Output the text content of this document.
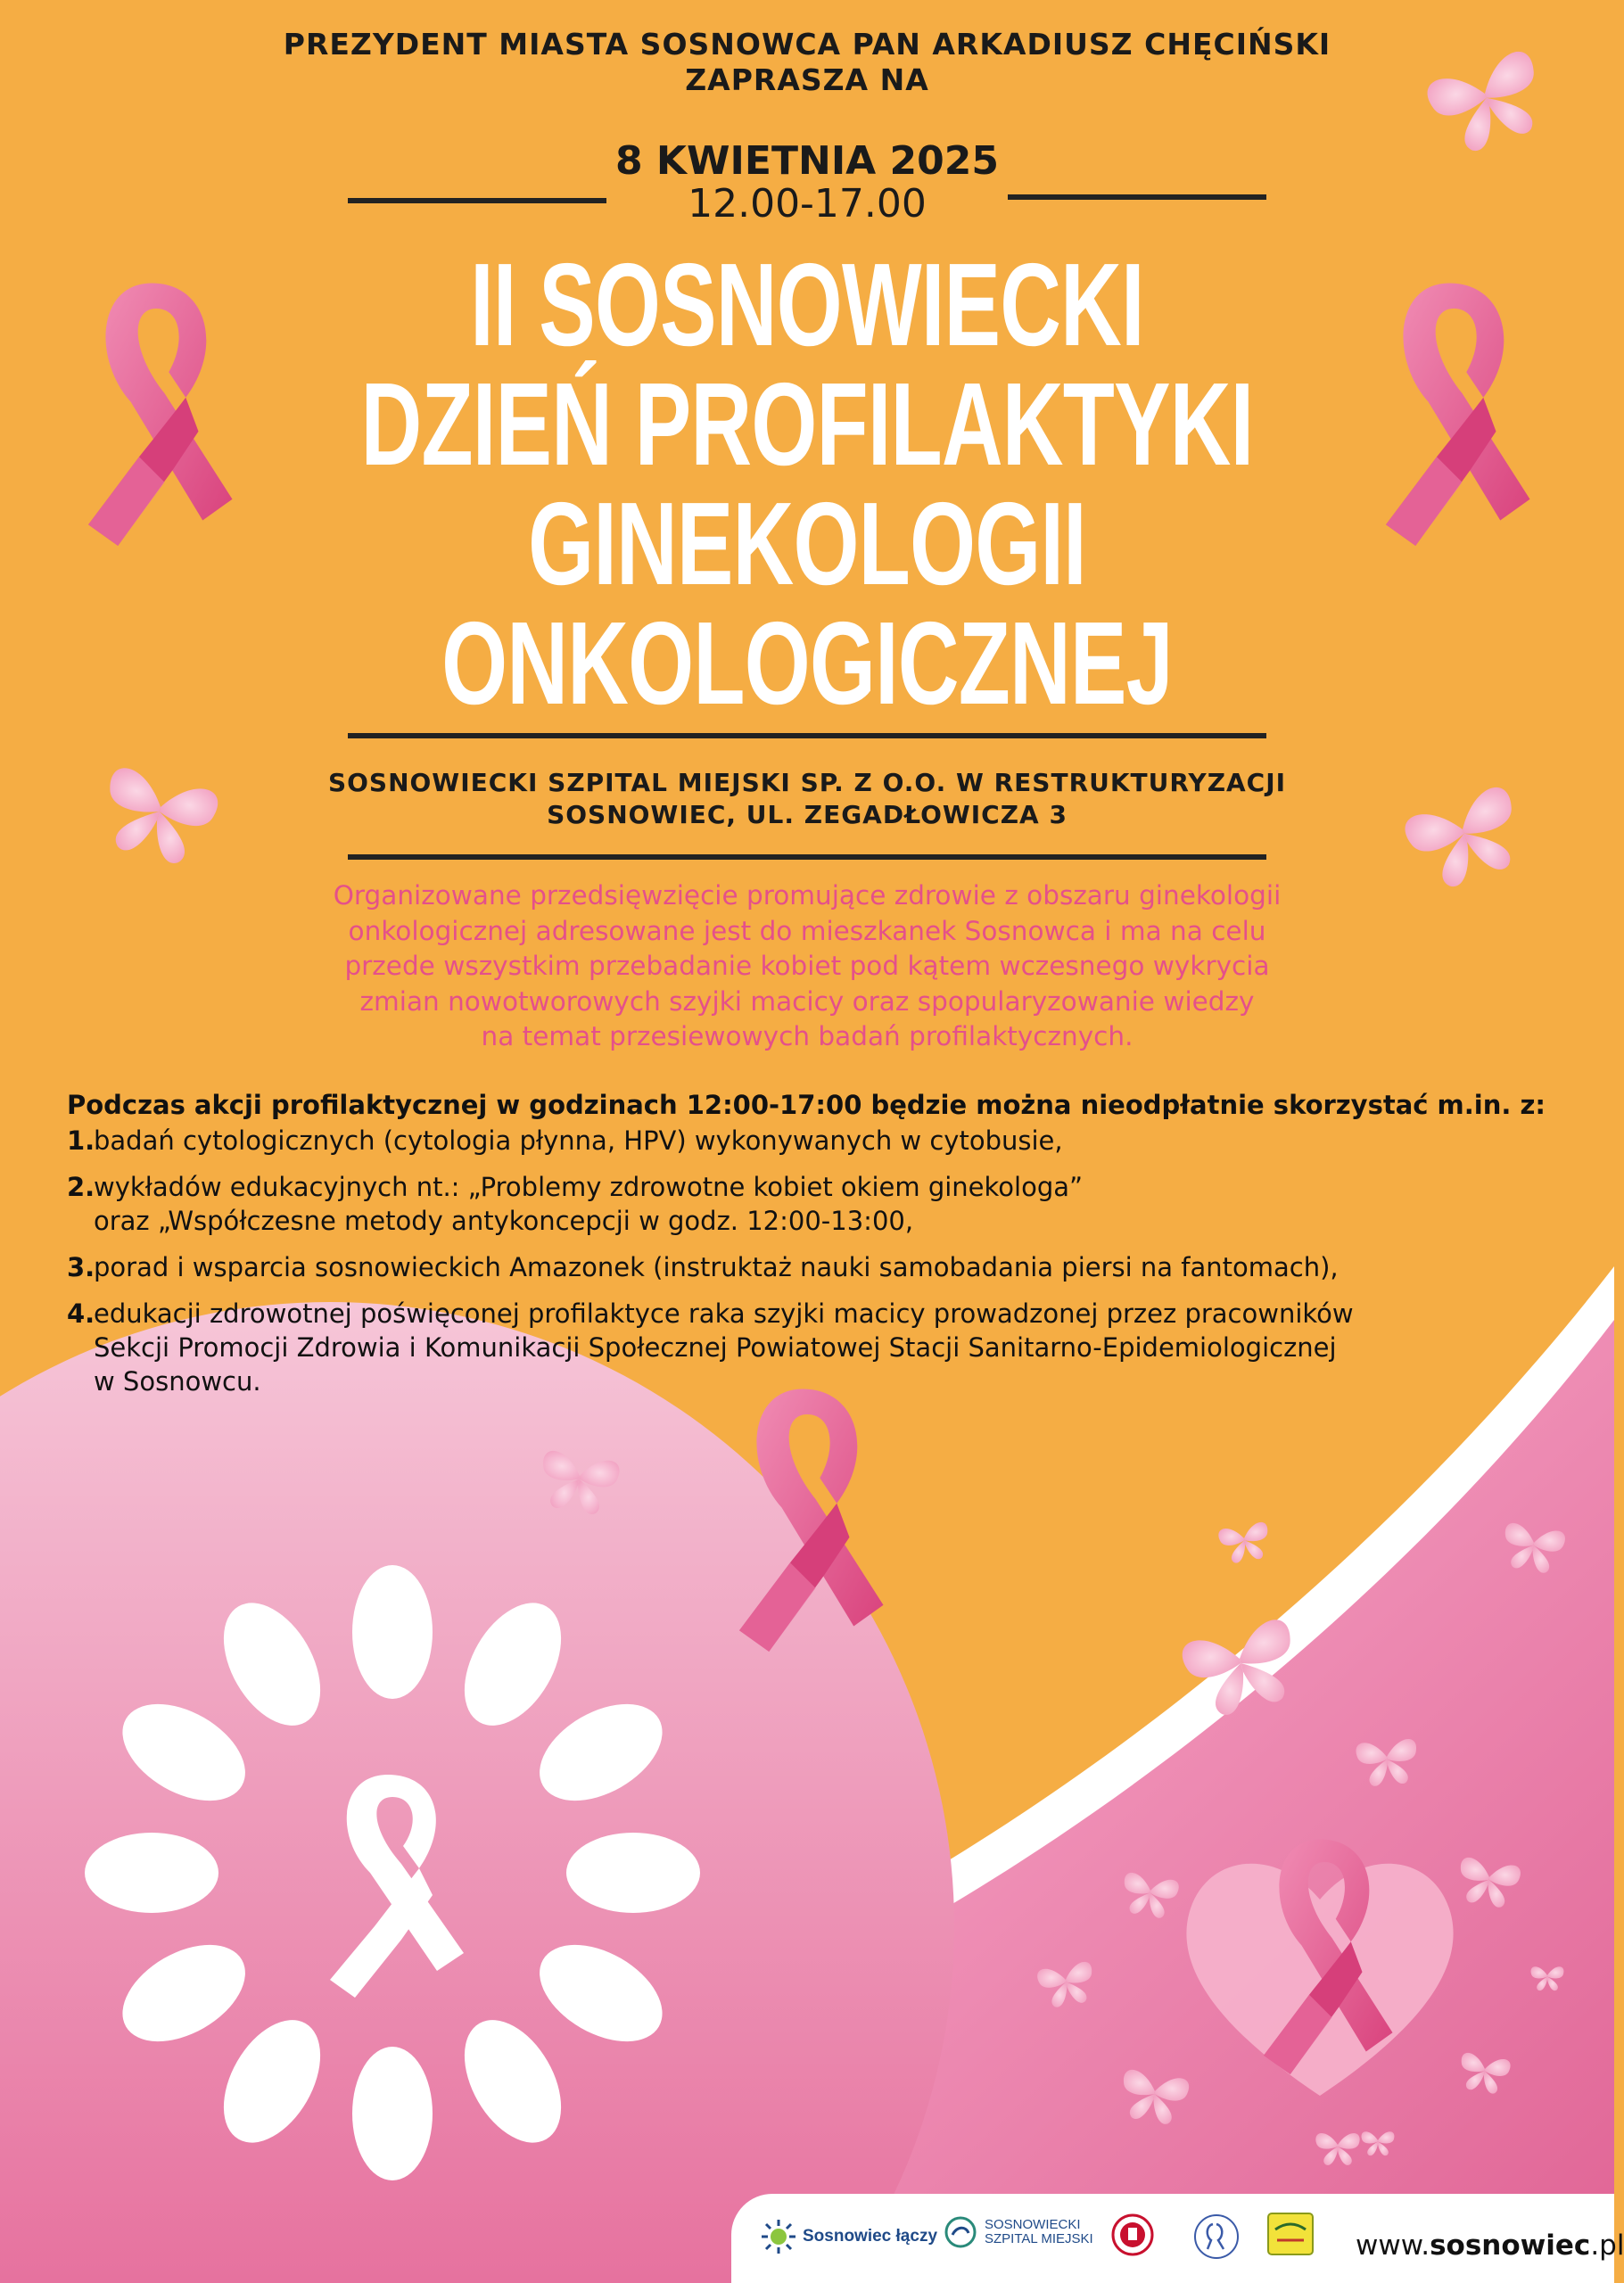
PREZYDENT MIASTA SOSNOWCA PAN ARKADIUSZ CHĘCIŃSKI
ZAPRASZA NA
8 KWIETNIA 2025
12.00-17.00
II SOSNOWIECKI
DZIEŃ PROFILAKTYKI
GINEKOLOGII
ONKOLOGICZNEJ
SOSNOWIECKI SZPITAL MIEJSKI SP. Z O.O. W RESTRUKTURYZACJI
SOSNOWIEC, UL. ZEGADŁOWICZA 3
Organizowane przedsięwzięcie promujące zdrowie z obszaru ginekologii
onkologicznej adresowane jest do mieszkanek Sosnowca i ma na celu
przede wszystkim przebadanie kobiet pod kątem wczesnego wykrycia
zmian nowotworowych szyjki macicy oraz spopularyzowanie wiedzy
na temat przesiewowych badań profilaktycznych.
Podczas akcji profilaktycznej w godzinach 12:00-17:00 będzie można nieodpłatnie skorzystać m.in. z:
1.
badań cytologicznych (cytologia płynna, HPV) wykonywanych w cytobusie,
2.
wykładów edukacyjnych nt.: „Problemy zdrowotne kobiet okiem ginekologa”
oraz „Współczesne metody antykoncepcji w godz. 12:00-13:00,
3.
porad i wsparcia sosnowieckich Amazonek (instruktaż nauki samobadania piersi na fantomach),
4.
edukacji zdrowotnej poświęconej profilaktyce raka szyjki macicy prowadzonej przez pracowników
Sekcji Promocji Zdrowia i Komunikacji Społecznej Powiatowej Stacji Sanitarno-Epidemiologicznej
w Sosnowcu.
Sosnowiec łączy
SOSNOWIECKI
SZPITAL MIEJSKI	www.sosnowiec.pl
